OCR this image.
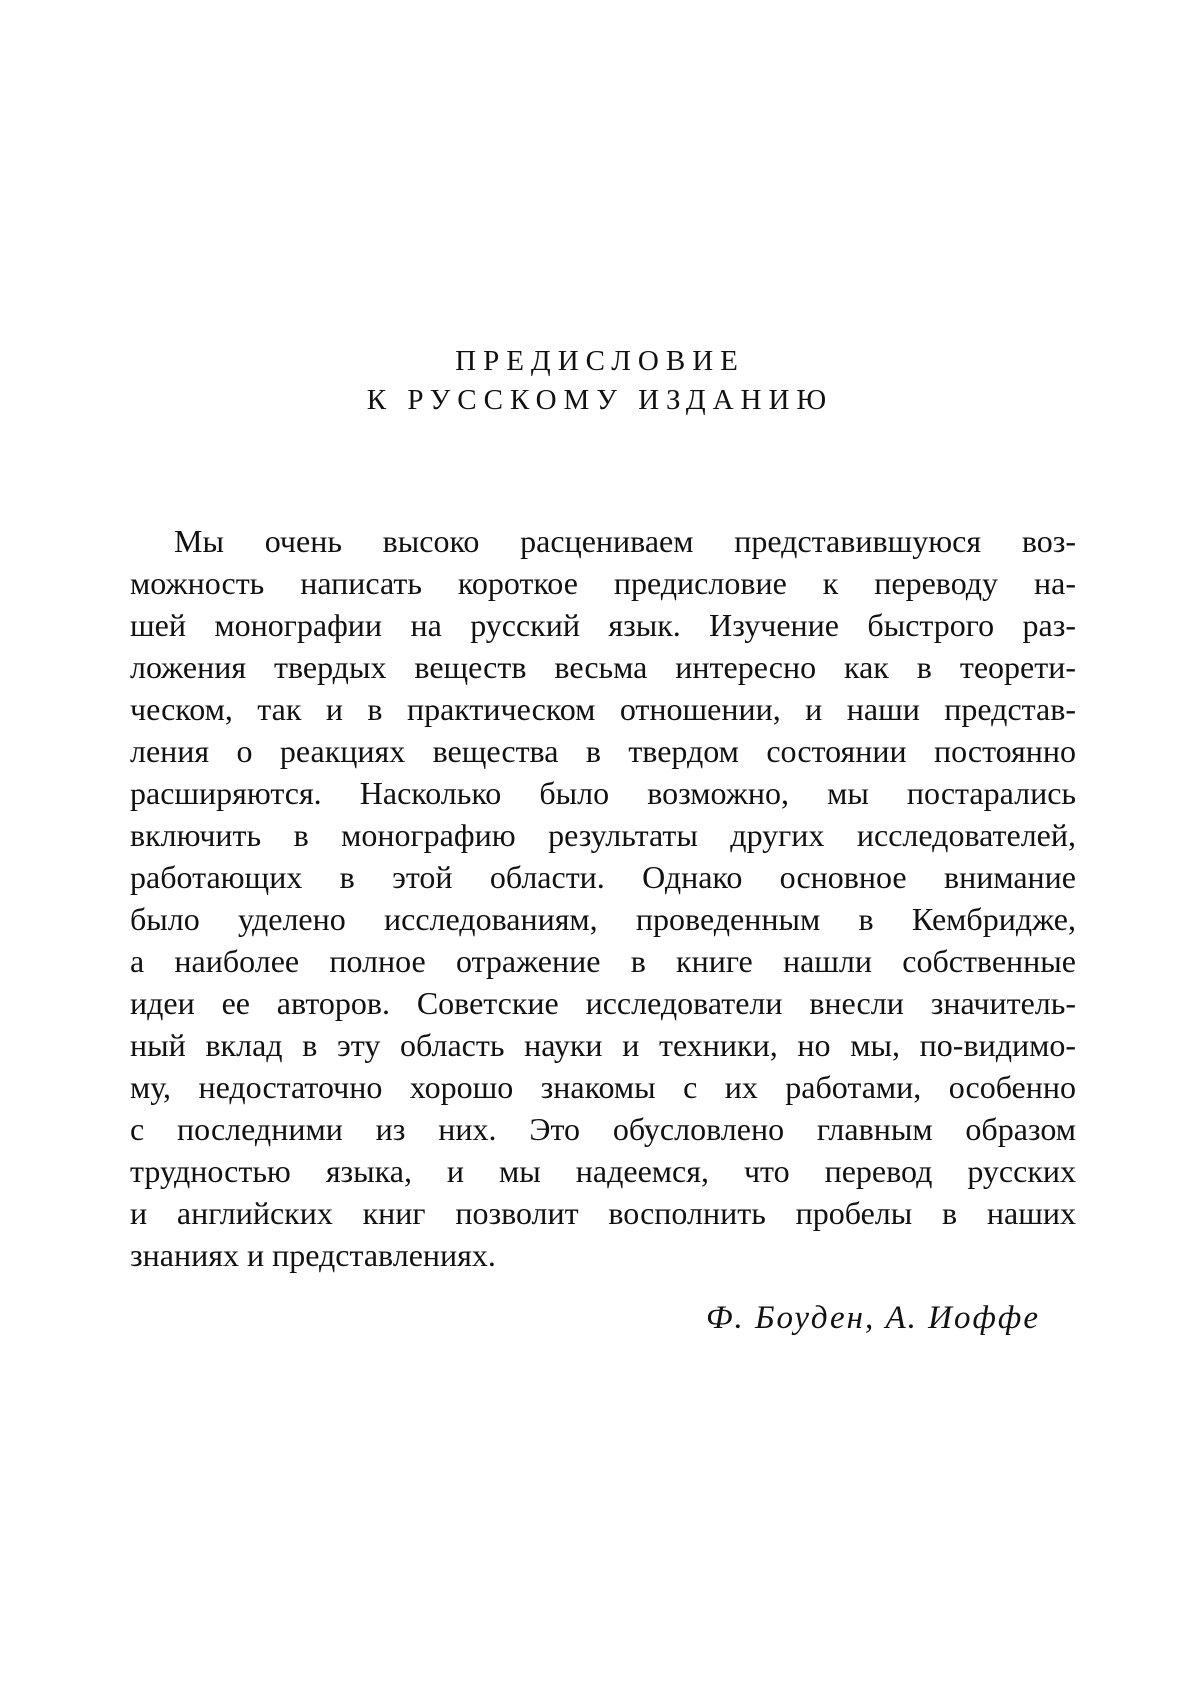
ПРЕДИСЛОВИЕ
К РУССКОМУ ИЗДАНИЮ
Мы очень высоко расцениваем представившуюся воз-
можность написать короткое предисловие к переводу на-
шей монографии на русский язык. Изучение быстрого раз-
ложения твердых веществ весьма интересно как в теорети-
ческом, так и в практическом отношении, и наши представ-
ления о реакциях вещества в твердом состоянии постоянно
расширяются. Насколько было возможно, мы постарались
включить в монографию результаты других исследователей,
работающих в этой области. Однако основное внимание
было уделено исследованиям, проведенным в Кембридже,
а наиболее полное отражение в книге нашли собственные
идеи ее авторов. Советские исследователи внесли значитель-
ный вклад в эту область науки и техники, но мы, по-видимо-
му, недостаточно хорошо знакомы с их работами, особенно
с последними из них. Это обусловлено главным образом
трудностью языка, и мы надеемся, что перевод русских
и английских книг позволит восполнить пробелы в наших
знаниях и представлениях.
Ф. Боуден, А. Иоффе
